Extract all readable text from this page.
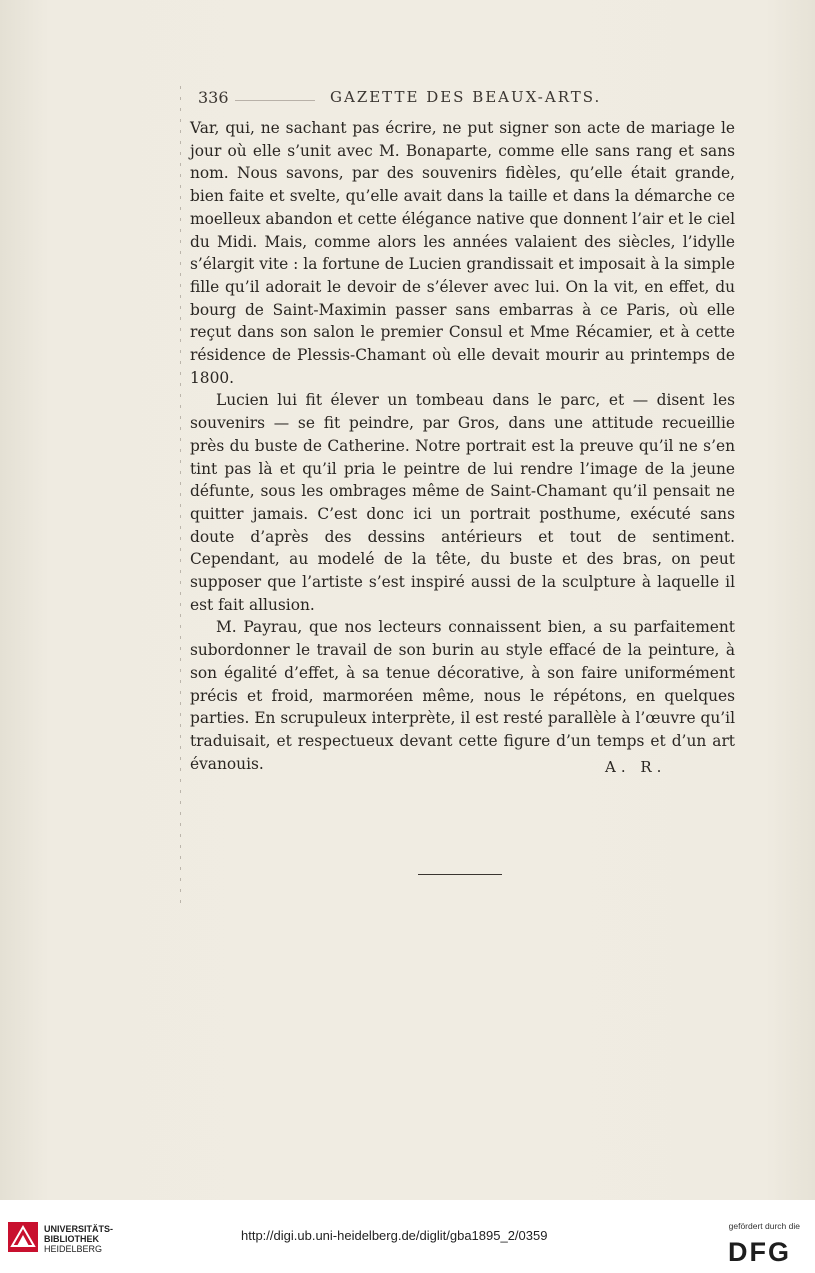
336	GAZETTE DES BEAUX-ARTS.

Var, qui, ne sachant pas écrire, ne put signer son acte de mariage le jour où elle s’unit avec M. Bonaparte, comme elle sans rang et sans nom. Nous savons, par des souvenirs fidèles, qu’elle était grande, bien faite et svelte, qu’elle avait dans la taille et dans la démarche ce moelleux abandon et cette élégance native que donnent l’air et le ciel du Midi. Mais, comme alors les années valaient des siècles, l’idylle s’élargit vite : la fortune de Lucien grandissait et imposait à la simple fille qu’il adorait le devoir de s’élever avec lui. On la vit, en effet, du bourg de Saint-Maximin passer sans embarras à ce Paris, où elle reçut dans son salon le premier Consul et Mme Récamier, et à cette résidence de Plessis-Chamant où elle devait mourir au printemps de 1800.

Lucien lui fit élever un tombeau dans le parc, et — disent les souvenirs — se fit peindre, par Gros, dans une attitude recueillie près du buste de Catherine. Notre portrait est la preuve qu’il ne s’en tint pas là et qu’il pria le peintre de lui rendre l’image de la jeune défunte, sous les ombrages même de Saint-Chamant qu’il pensait ne quitter jamais. C’est donc ici un portrait posthume, exécuté sans doute d’après des dessins antérieurs et tout de sentiment. Cependant, au modelé de la tête, du buste et des bras, on peut supposer que l’artiste s’est inspiré aussi de la sculpture à laquelle il est fait allusion.

M. Payrau, que nos lecteurs connaissent bien, a su parfaitement subordonner le travail de son burin au style effacé de la peinture, à son égalité d’effet, à sa tenue décorative, à son faire uniformément précis et froid, marmoréen même, nous le répétons, en quelques parties. En scrupuleux interprète, il est resté parallèle à l’œuvre qu’il traduisait, et respectueux devant cette figure d’un temps et d’un art évanouis.	A. R.
UNIVERSITÄTS-
BIBLIOTHEK
HEIDELBERG
http://digi.ub.uni-heidelberg.de/diglit/gba1895_2/0359
gefördert durch die
DFG
